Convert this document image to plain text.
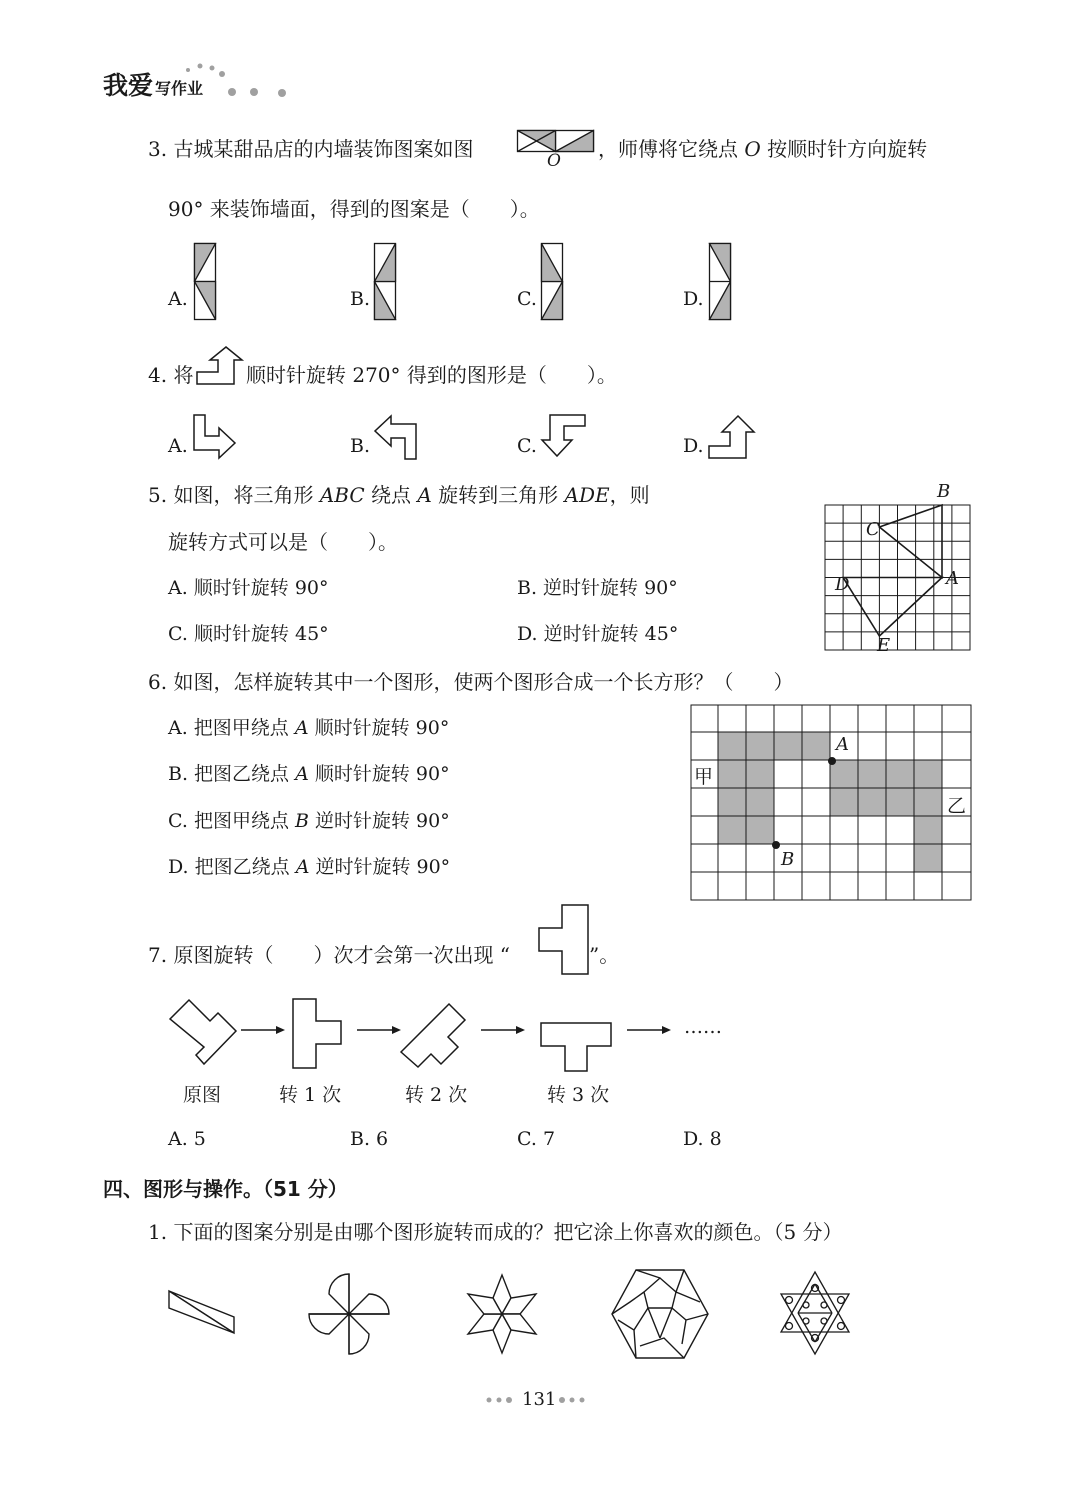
我爱 写作业
3. 古城某甜品店的内墙装饰图案如图	O ，师傅将它绕点 O 按顺时针方向旋转
90° 来装饰墙面，得到的图案是（　　）。
A.	B.	C.	D.
4. 将	顺时针旋转 270° 得到的图形是（　　）。
A.	B.	C.	D.
5. 如图，将三角形 ABC 绕点 A 旋转到三角形 ADE，则
旋转方式可以是（　　）。
A. 顺时针旋转 90°	B. 逆时针旋转 90°
C. 顺时针旋转 45°	D. 逆时针旋转 45°
B
C
A
D
E
6. 如图，怎样旋转其中一个图形，使两个图形合成一个长方形？（　　）
A. 把图甲绕点 A 顺时针旋转 90°
B. 把图乙绕点 A 顺时针旋转 90°
C. 把图甲绕点 B 逆时针旋转 90°
D. 把图乙绕点 A 逆时针旋转 90°
甲
乙
A
B
7. 原图旋转（　　）次才会第一次出现 “	”。
……
原图	转 1 次	转 2 次	转 3 次
A. 5	B. 6	C. 7	D. 8
四、图形与操作。（51 分）
1. 下面的图案分别是由哪个图形旋转而成的？把它涂上你喜欢的颜色。（5 分）
131
